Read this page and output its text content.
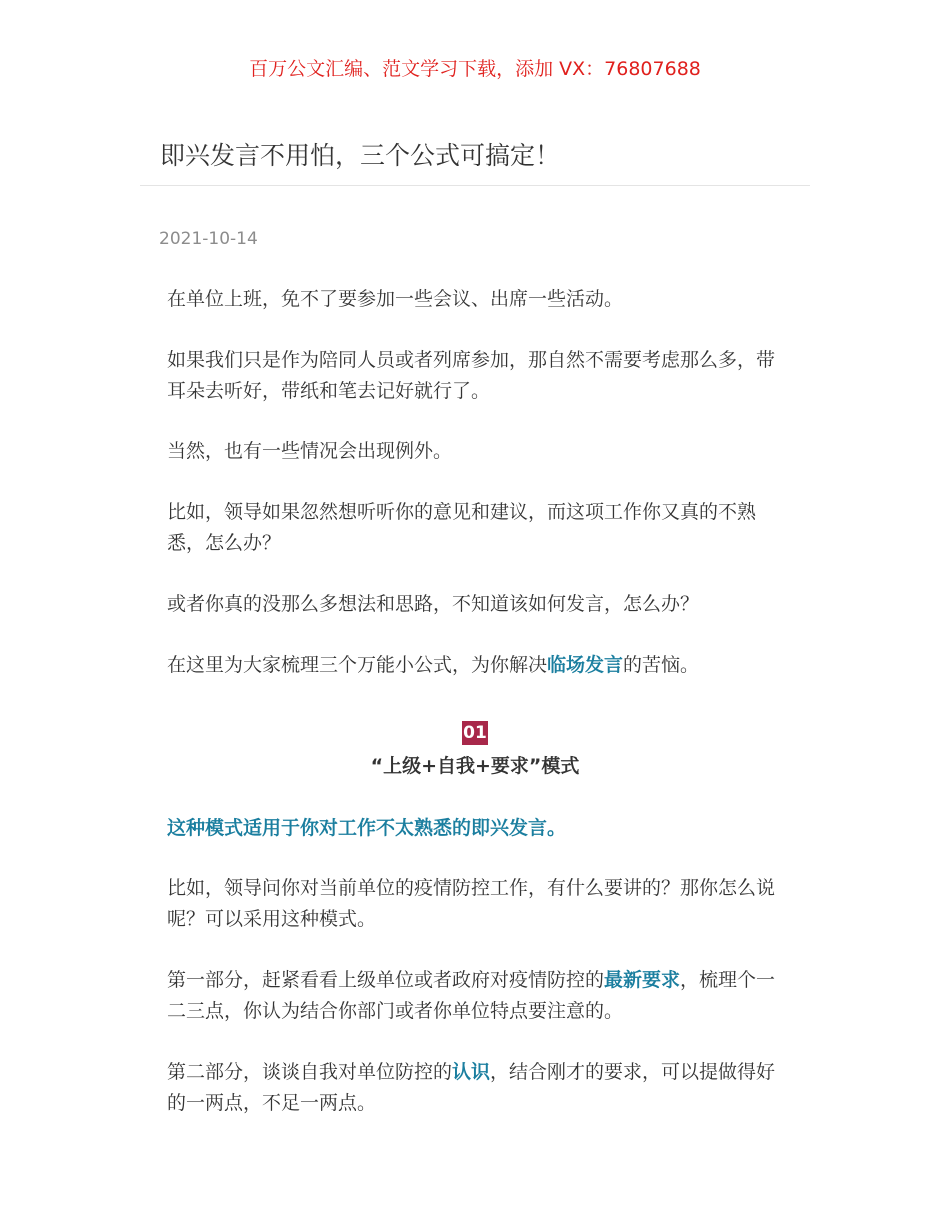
百万公文汇编、范文学习下载，添加 VX：76807688
即兴发言不用怕，三个公式可搞定！
2021-10-14

在单位上班，免不了要参加一些会议、出席一些活动。

如果我们只是作为陪同人员或者列席参加，那自然不需要考虑那么多，带耳朵去听好，带纸和笔去记好就行了。

当然，也有一些情况会出现例外。

比如，领导如果忽然想听听你的意见和建议，而这项工作你又真的不熟悉，怎么办？

或者你真的没那么多想法和思路，不知道该如何发言，怎么办？

在这里为大家梳理三个万能小公式，为你解决临场发言的苦恼。

01
“上级+自我+要求”模式
这种模式适用于你对工作不太熟悉的即兴发言。

比如，领导问你对当前单位的疫情防控工作，有什么要讲的？那你怎么说呢？可以采用这种模式。

第一部分，赶紧看看上级单位或者政府对疫情防控的最新要求，梳理个一二三点，你认为结合你部门或者你单位特点要注意的。

第二部分，谈谈自我对单位防控的认识，结合刚才的要求，可以提做得好的一两点，不足一两点。
